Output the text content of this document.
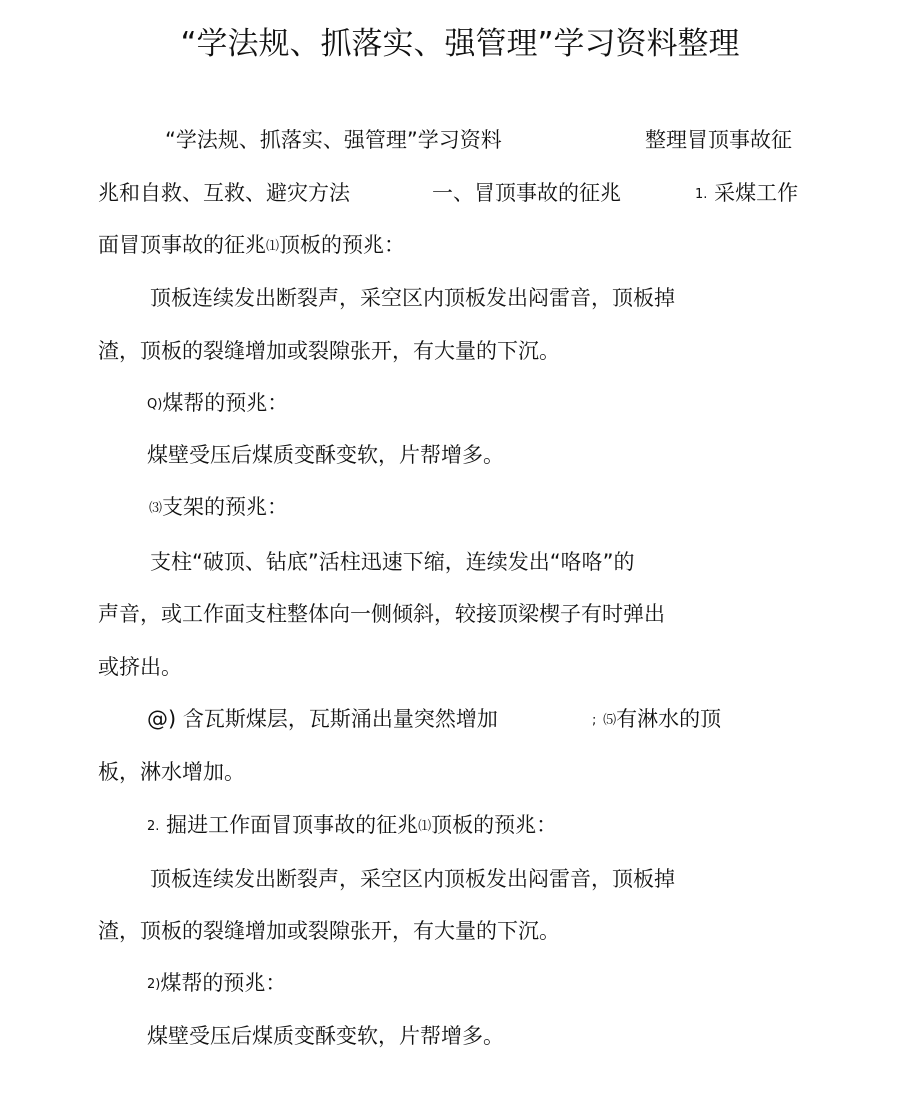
“学法规、抓落实、强管理”学习资料整理
“学法规、抓落实、强管理”学习资料	整理冒顶事故征
兆和自救、互救、避灾方法	一、冒顶事故的征兆	1. 采煤工作
面冒顶事故的征兆⑴顶板的预兆：
顶板连续发出断裂声，采空区内顶板发出闷雷音，顶板掉
渣，顶板的裂缝增加或裂隙张开，有大量的下沉。
Q)煤帮的预兆：
煤壁受压后煤质变酥变软，片帮增多。
⑶支架的预兆：
支柱“破顶、钻底”活柱迅速下缩，连续发出“咯咯”的
声音，或工作面支柱整体向一侧倾斜，较接顶梁楔子有时弹出
或挤出。
@) 含瓦斯煤层，瓦斯涌出量突然增加	; ⑸有淋水的顶
板，淋水增加。
2. 掘进工作面冒顶事故的征兆⑴顶板的预兆：
顶板连续发出断裂声，采空区内顶板发出闷雷音，顶板掉
渣，顶板的裂缝增加或裂隙张开，有大量的下沉。
2)煤帮的预兆：
煤壁受压后煤质变酥变软，片帮增多。
